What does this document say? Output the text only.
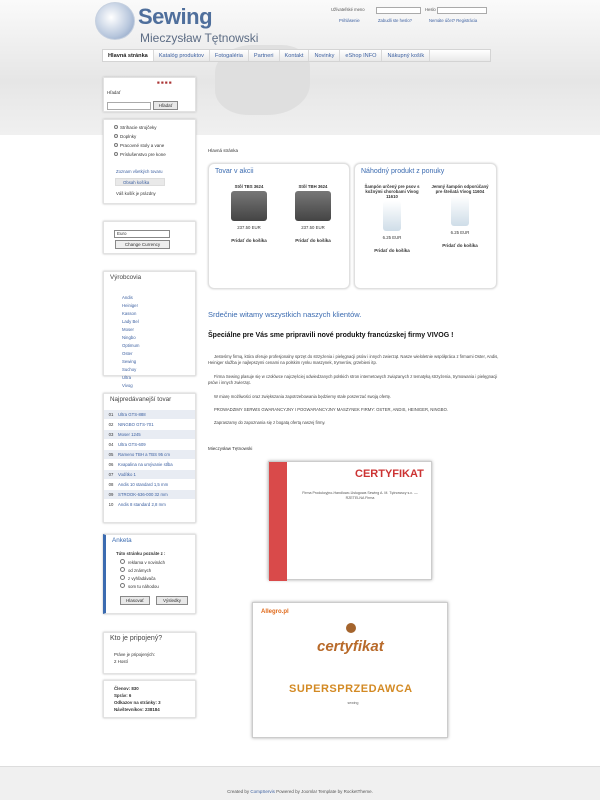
Sewing
Mieczysław Tętnowski
Užívateľské meno	Heslo
Prihlásenie	Zabudli ste heslo?	Nemáte účet? Registrácia
Hlavná stránka	Katalóg produktov	Fotogaléria	Partneri	Kontakt	Novinky	eShop INFO	Nákupný košík
■ ■ ■ ■
Hľadať
Hľadať
Strihacie strojčeky
Doplnky
Pracovné stoly a vane
Príslušenstvo pre kone
Zoznam všetkých tovaru
Obsah košíka
Váš košík je prázdny
Euro
Change Currency
Výrobcovia
Andis
Heiniger
Kasson
Lady Bel
Moser
Ningbo
Optimum
Oster
Sewing
Suchoy
Ultra
Vivog
Najpredávanejší tovar
01	Ultra GTS-888
02	NINGBO GTS-701
03	Moser 1245
04	Ultra GTS-609
05	Rameno TBH a TBS 95 cm
06	Kvapalina na umývanie stĺba
07	Vodítko 1
08	Andis 10 standard 1,5 mm
09	STROOK-636-000 32 mm
10	Andis 8 standard 2,8 mm
Anketa
Túto stránku poznáte z :
reklama v novinách
od známych
z vyhľadávača
som tu náhodou
Hlasovať	Výsledky
Kto je pripojený?
Práve je pripojených:
2 Hostí
Členov: 830
Správ: 6
Odkazov na stránky: 3
Návštevníkov: 238184
Hlavná stránka
Tovar v akcii
Stôl TBS 3624
237.50 EUR
Pridať do košíka
Stôl TBH 3624
237.50 EUR
Pridať do košíka
Náhodný produkt z ponuky
Šampón určený pre psov s kožnými chorobami Vivog 11610
6.25 EUR
Pridať do košíka
Jemný šampón odporúčaný pre šteňatá Vivog 11604
6.25 EUR
Pridať do košíka
Srdečnie witamy wszystkich naszych klientów.
Špeciálne pre Vás sme pripravili nové produkty francúzskej firmy VIVOG !
Jesteśmy firmą, która oferuje profesjonalny sprzęt do strzyżenia i pielęgnacji psów i innych zwierząt. Nasze wieloletnie współpráca z firmami Oster, Andis, Heiniger služba je najlepszymi cenami na polskim rynku maszynek, trymerów, grzebieni itp.
Firma Sewing plasuje się w czołówce najczęściej odwiedzanych polskich stron internetowych związanych z tematyką strzyżenia, trymowania i pielęgnacji psów i innych zwierząt.
W miarę możliwości oraz zwiększania zapotrzebowania będziemy stale poszerzać swoją ofertę.
PROWADZIMY SERWIS GWARANCYJNY I POGWARANCYJNY MASZYNEK FIRMY: OSTER, ANDIS, HEINIGER, NINGBO.
Zapraszamy do zapoznania się z bogatą ofertą naszej firmy.
Mieczysław Tętnowski
CERTYFIKAT
Firma Produkcyjno-Handlowo-Usługowa Sewing A. M. Tętnowscy s.c. — RZETELNA Firma
Allegro.pl
certyfikat
SUPERSPRZEDAWCA
sewing
Created by CompServis Powered by Joomla! Template by RocketTheme.
